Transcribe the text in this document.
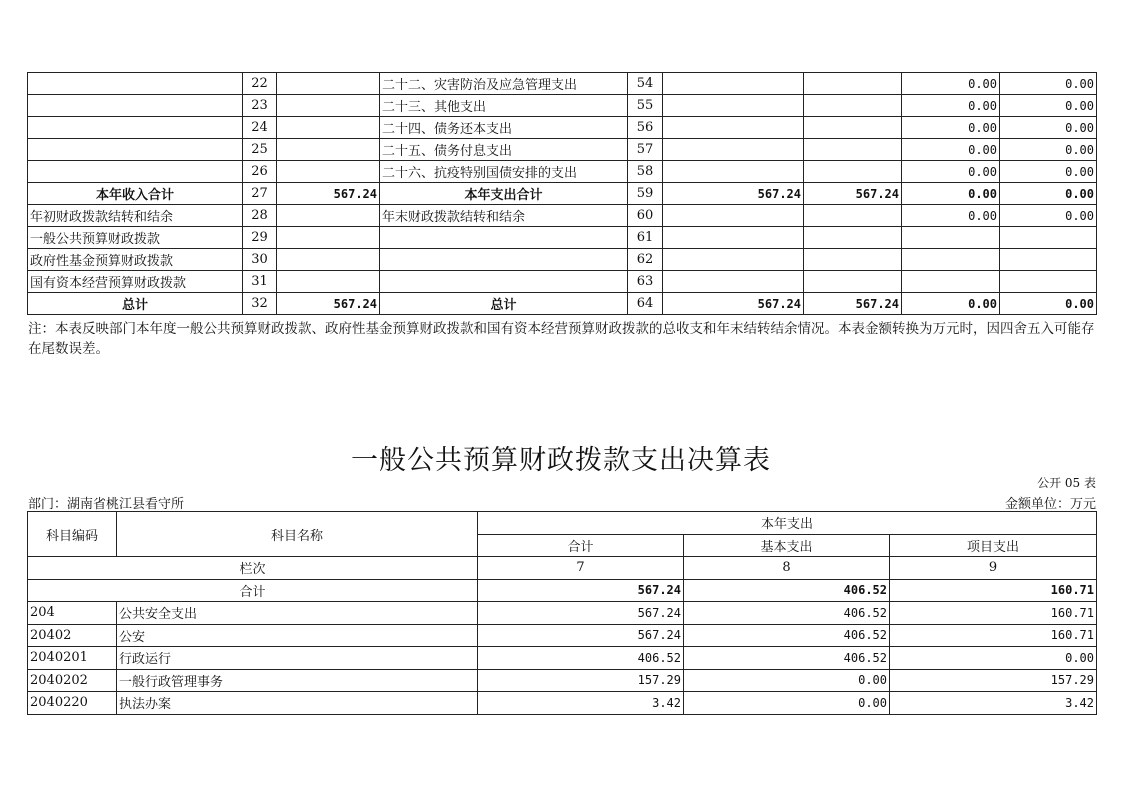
	22		二十二、灾害防治及应急管理支出	54			0.00	0.00
	23		二十三、其他支出	55			0.00	0.00
	24		二十四、债务还本支出	56			0.00	0.00
	25		二十五、债务付息支出	57			0.00	0.00
	26		二十六、抗疫特别国债安排的支出	58			0.00	0.00
本年收入合计	27	567.24	本年支出合计	59	567.24	567.24	0.00	0.00
年初财政拨款结转和结余	28		年末财政拨款结转和结余	60			0.00	0.00
一般公共预算财政拨款	29			61				
政府性基金预算财政拨款	30			62				
国有资本经营预算财政拨款	31			63				
总计	32	567.24	总计	64	567.24	567.24	0.00	0.00
注：本表反映部门本年度一般公共预算财政拨款、政府性基金预算财政拨款和国有资本经营预算财政拨款的总收支和年末结转结余情况。本表金额转换为万元时，因四舍五入可能存在尾数误差。
一般公共预算财政拨款支出决算表
公开 05 表
部门：湖南省桃江县看守所	金额单位：万元
科目编码	科目名称	本年支出		
		合计	基本支出	项目支出
栏次		7	8	9
合计		567.24	406.52	160.71
204	公共安全支出	567.24	406.52	160.71
20402	公安	567.24	406.52	160.71
2040201	行政运行	406.52	406.52	0.00
2040202	一般行政管理事务	157.29	0.00	157.29
2040220	执法办案	3.42	0.00	3.42
